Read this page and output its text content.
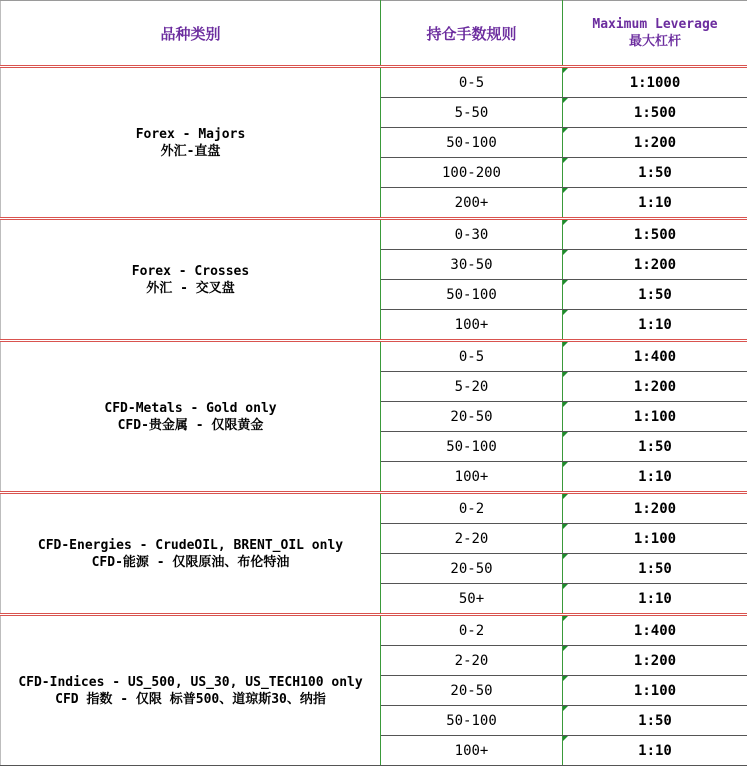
品种类别	持仓手数规则	Maximum Leverage
最大杠杆

Forex - Majors
外汇-直盘	0-5	1:1000
	5-50	1:500
	50-100	1:200
	100-200	1:50
	200+	1:10

Forex - Crosses
外汇 - 交叉盘	0-30	1:500
	30-50	1:200
	50-100	1:50
	100+	1:10

CFD-Metals - Gold only
CFD-贵金属 - 仅限黄金	0-5	1:400
	5-20	1:200
	20-50	1:100
	50-100	1:50
	100+	1:10

CFD-Energies - CrudeOIL, BRENT_OIL only
CFD-能源 - 仅限原油、布伦特油	0-2	1:200
	2-20	1:100
	20-50	1:50
	50+	1:10

CFD-Indices - US_500, US_30, US_TECH100 only
CFD 指数 - 仅限 标普500、道琼斯30、纳指	0-2	1:400
	2-20	1:200
	20-50	1:100
	50-100	1:50
	100+	1:10
